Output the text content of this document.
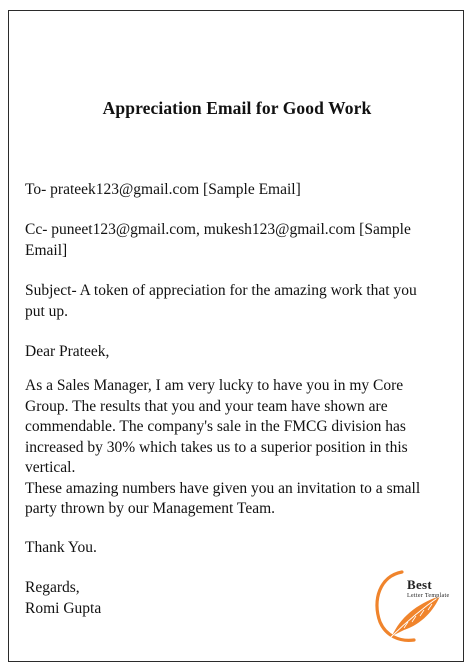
Appreciation Email for Good Work
To- prateek123@gmail.com [Sample Email]

Cc- puneet123@gmail.com, mukesh123@gmail.com [Sample

Email]

Subject- A token of appreciation for the amazing work that you

put up.

Dear Prateek,

As a Sales Manager, I am very lucky to have you in my Core

Group. The results that you and your team have shown are

commendable. The company's sale in the FMCG division has

increased by 30% which takes us to a superior position in this

vertical.

These amazing numbers have given you an invitation to a small

party thrown by our Management Team.

Thank You.

Regards,

Romi Gupta

Best
Letter Template
